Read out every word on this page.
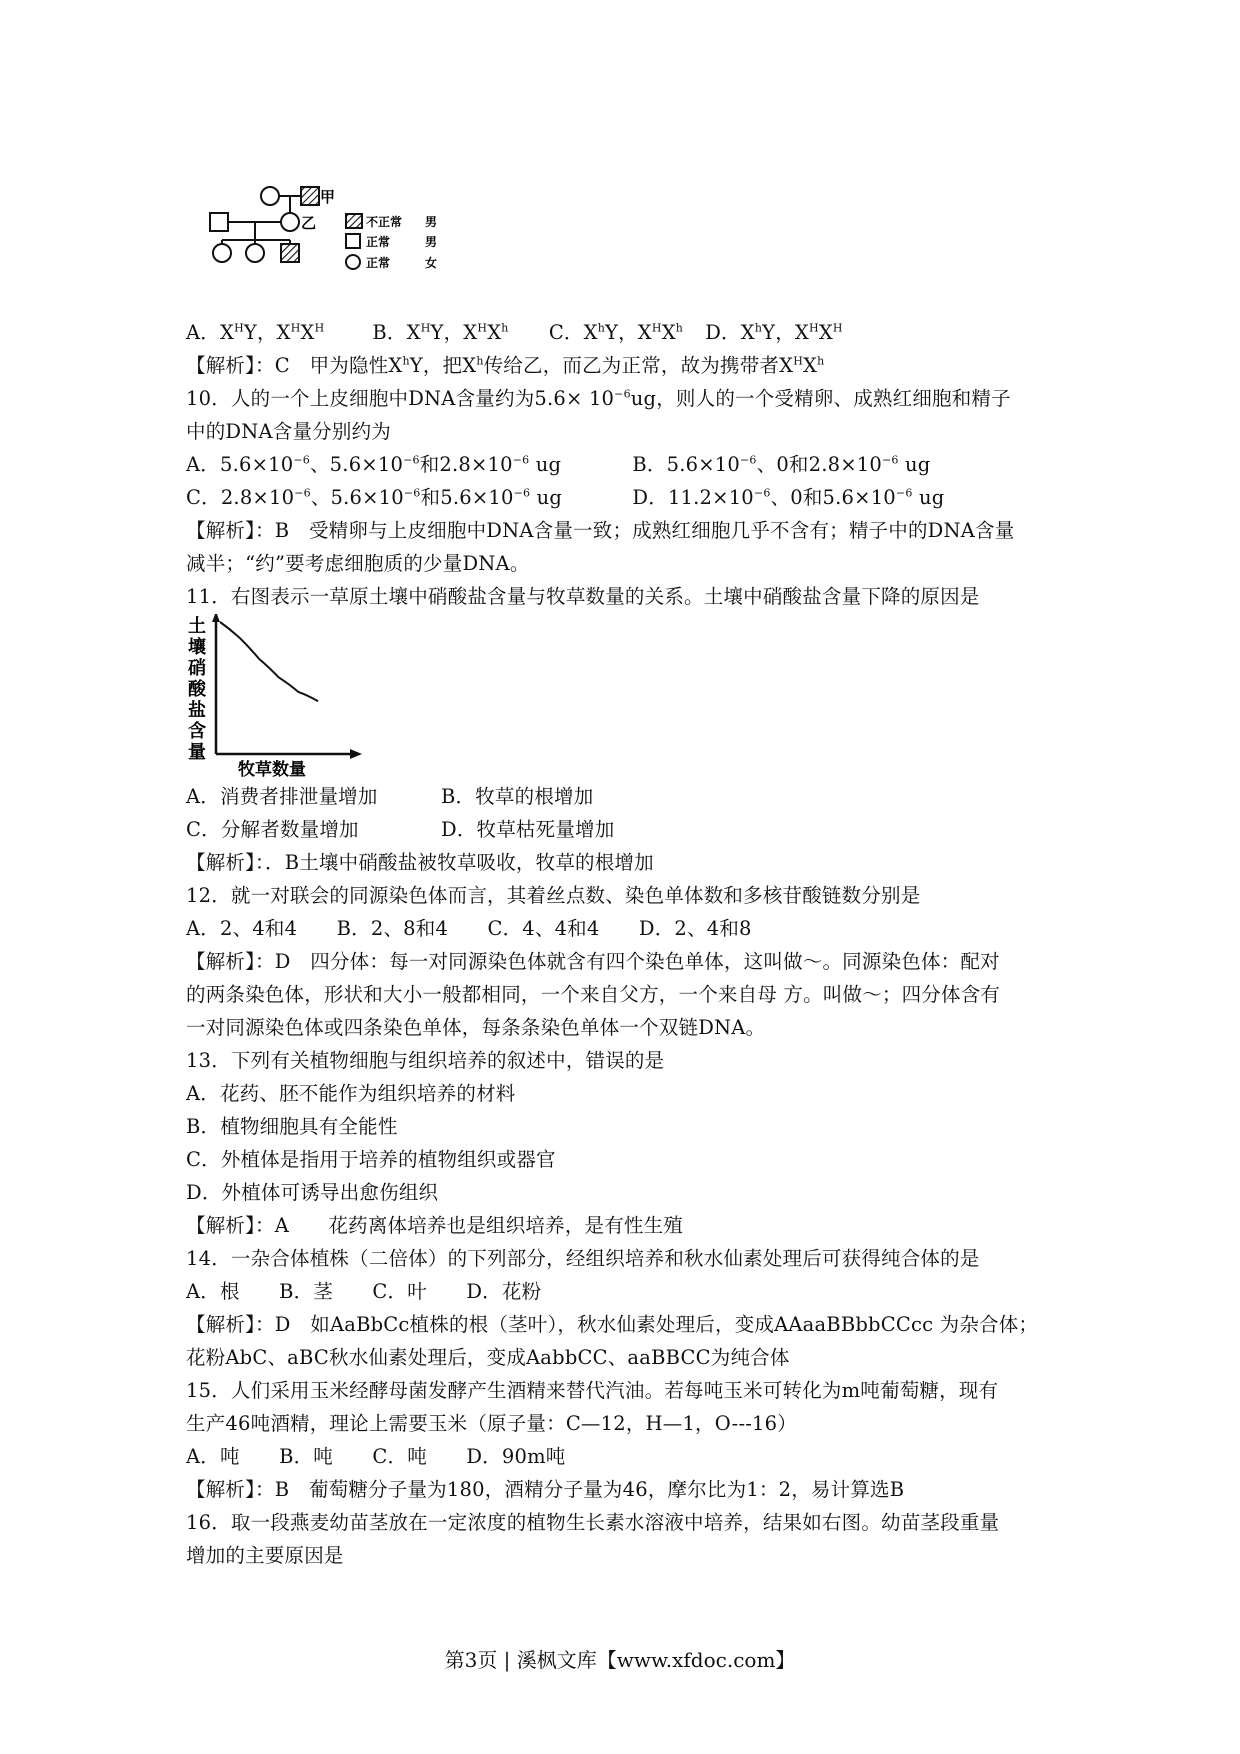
甲
乙	不正常 男
正常	男
正常	女
A．$X^HY$，$X^HX^H$ B．$X^HY$，$X^HX^h$ C．$X^hY$，$X^HX^h$ D．$X^hY$，$X^HX^H$
【解析】：C　甲为隐性$X^hY$，把$X^h$传给乙，而乙为正常，故为携带者$X^HX^h$
10．人的一个上皮细胞中DNA含量约为$5.6\times 10^{-6}ug$，则人的一个受精卵、成熟红细胞和精子
中的DNA含量分别约为
A．$5.6\times 10^{-6}$、$5.6\times 10^{-6}$和$2.8\times 10^{-6}$ ug	B．$5.6\times 10^{-6}$、0和$2.8\times 10^{-6}$ ug
C．$2.8\times 10^{-6}$、$5.6\times 10^{-6}$和$5.6\times 10^{-6}$ ug	D．$11.2\times 10^{-6}$、0和$5.6\times 10^{-6}$ ug
【解析】：B　受精卵与上皮细胞中DNA含量一致；成熟红细胞几乎不含有；精子中的DNA含量
减半；“约”要考虑细胞质的少量DNA。
11．右图表示一草原土壤中硝酸盐含量与牧草数量的关系。土壤中硝酸盐含量下降的原因是
土
壤
硝
酸
盐
含
量
牧草数量
A．消费者排泄量增加	B．牧草的根增加
C．分解者数量增加	D．牧草枯死量增加
【解析】：．B土壤中硝酸盐被牧草吸收，牧草的根增加
12．就一对联会的同源染色体而言，其着丝点数、染色单体数和多核苷酸链数分别是
A．2、4和4　　B．2、8和4　　C．4、4和4　　D．2、4和8
【解析】：D　四分体：每一对同源染色体就含有四个染色单体，这叫做～。同源染色体：配对
的两条染色体，形状和大小一般都相同，一个来自父方，一个来自母 方。叫做～；四分体含有
一对同源染色体或四条染色单体，每条条染色单体一个双链DNA。
13．下列有关植物细胞与组织培养的叙述中，错误的是
A．花药、胚不能作为组织培养的材料
B．植物细胞具有全能性
C．外植体是指用于培养的植物组织或器官
D．外植体可诱导出愈伤组织
【解析】：A　　花药离体培养也是组织培养，是有性生殖
14．一杂合体植株（二倍体）的下列部分，经组织培养和秋水仙素处理后可获得纯合体的是
A．根　　B．茎　　C．叶　　D．花粉
【解析】：D　如AaBbCc植株的根（茎叶），秋水仙素处理后，变成AAaaBBbbCCcc 为杂合体；
花粉AbC、aBC秋水仙素处理后，变成AabbCC、aaBBCC为纯合体
15．人们采用玉米经酵母菌发酵产生酒精来替代汽油。若每吨玉米可转化为m吨葡萄糖，现有
生产46吨酒精，理论上需要玉米（原子量：C—12，H—1，O---16）
A．吨　　B．吨　　C．吨　　D．90m吨
【解析】：B　葡萄糖分子量为180，酒精分子量为46，摩尔比为1：2，易计算选B
16．取一段燕麦幼苗茎放在一定浓度的植物生长素水溶液中培养，结果如右图。幼苗茎段重量
增加的主要原因是
第3页 | 溪枫文库【www.xfdoc.com】
